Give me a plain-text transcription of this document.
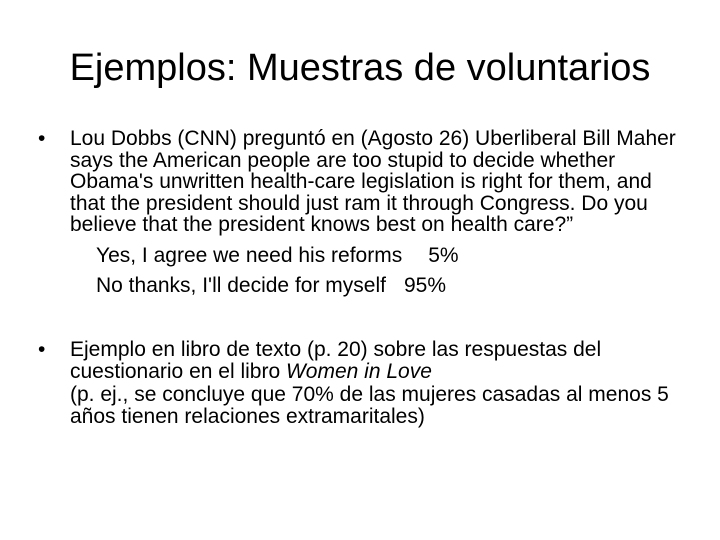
Ejemplos: Muestras de voluntarios
•	Lou Dobbs (CNN) preguntó en (Agosto 26) Uberliberal Bill Maher says the American people are too stupid to decide whether Obama's unwritten health-care legislation is right for them, and that the president should just ram it through Congress. Do you believe that the president knows best on health care?”
Yes, I agree we need his reforms 5%
No thanks, I'll decide for myself 95%
•	Ejemplo en libro de texto (p. 20) sobre las respuestas del cuestionario en el libro Women in Love
(p. ej., se concluye que 70% de las mujeres casadas al menos 5 años tienen relaciones extramaritales)
